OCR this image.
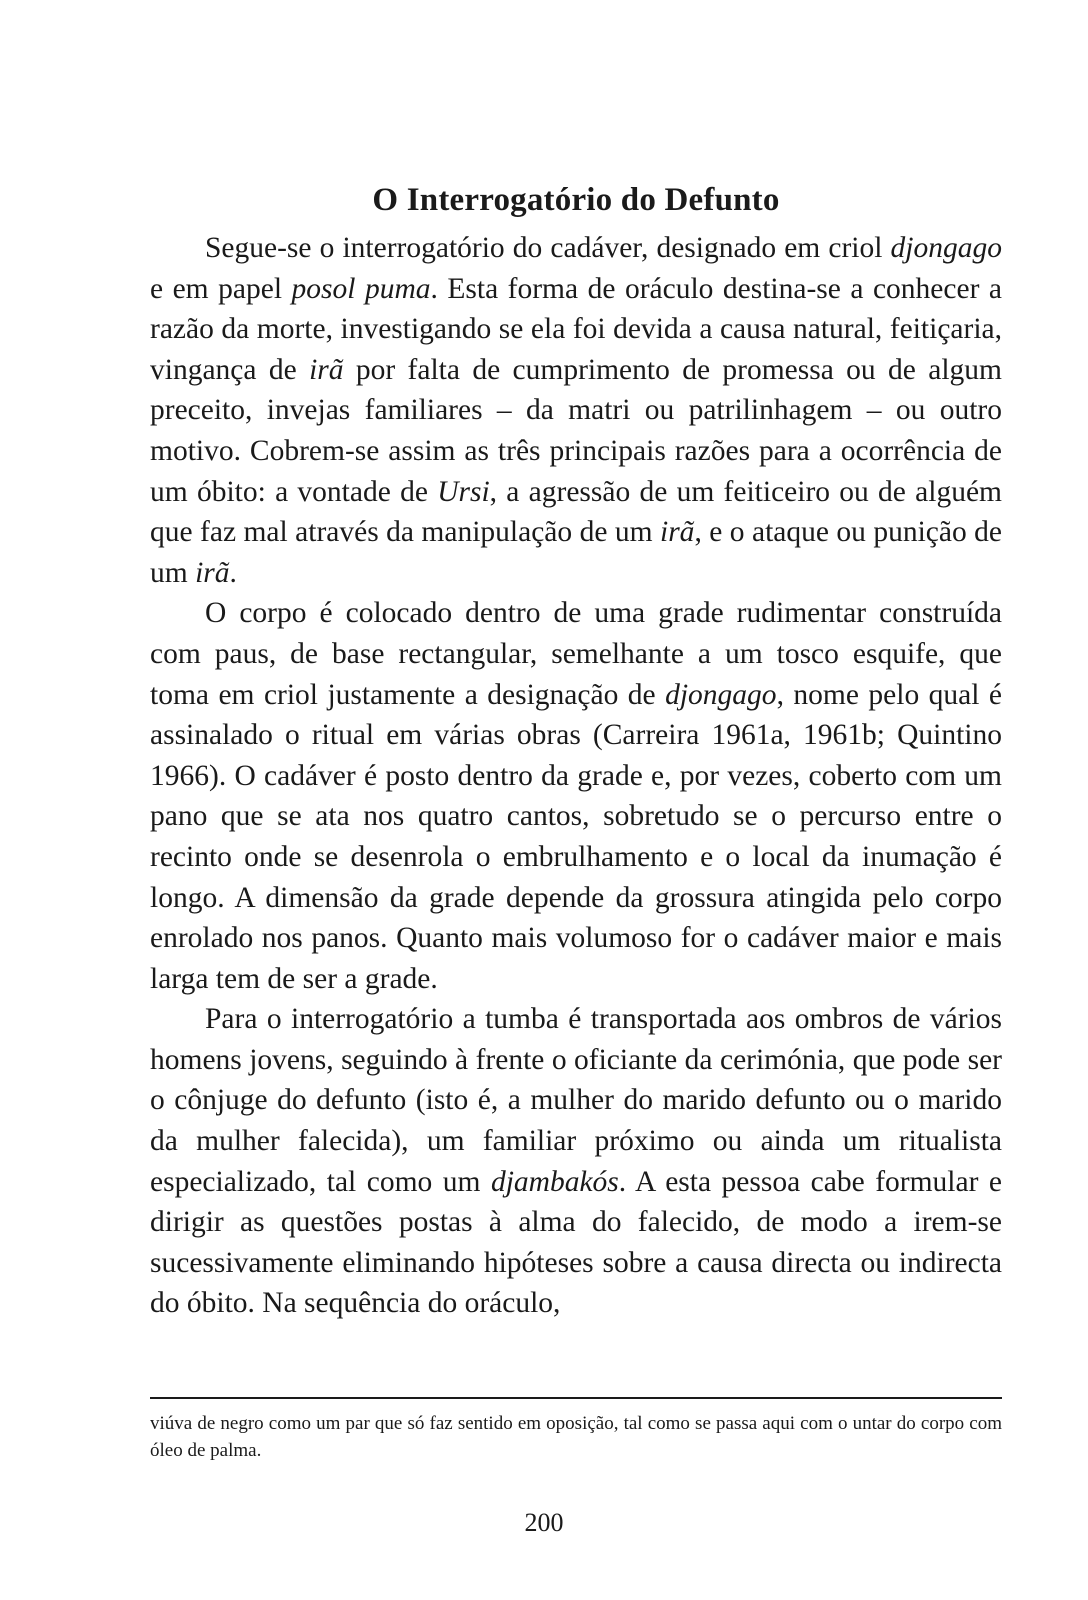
O Interrogatório do Defunto

Segue-se o interrogatório do cadáver, designado em criol djongago e em papel posol puma. Esta forma de oráculo destina-se a conhecer a razão da morte, investigando se ela foi devida a causa natural, feitiçaria, vingança de irã por falta de cumprimento de promessa ou de algum preceito, invejas familiares – da matri ou patrilinhagem – ou outro motivo. Cobrem-se assim as três principais razões para a ocorrência de um óbito: a vontade de Ursi, a agressão de um feiticeiro ou de alguém que faz mal através da manipulação de um irã, e o ataque ou punição de um irã.

O corpo é colocado dentro de uma grade rudimentar construída com paus, de base rectangular, semelhante a um tosco esquife, que toma em criol justamente a designação de djongago, nome pelo qual é assinalado o ritual em várias obras (Carreira 1961a, 1961b; Quintino 1966). O cadáver é posto dentro da grade e, por vezes, coberto com um pano que se ata nos quatro cantos, sobretudo se o percurso entre o recinto onde se desenrola o embrulhamento e o local da inumação é longo. A dimensão da grade depende da grossura atingida pelo corpo enrolado nos panos. Quanto mais volumoso for o cadáver maior e mais larga tem de ser a grade.

Para o interrogatório a tumba é transportada aos ombros de vários homens jovens, seguindo à frente o oficiante da cerimónia, que pode ser o cônjuge do defunto (isto é, a mulher do marido defunto ou o marido da mulher falecida), um familiar próximo ou ainda um ritualista especializado, tal como um djambakós. A esta pessoa cabe formular e dirigir as questões postas à alma do falecido, de modo a irem-se sucessivamente eliminando hipóteses sobre a causa directa ou indirecta do óbito. Na sequência do oráculo,

viúva de negro como um par que só faz sentido em oposição, tal como se passa aqui com o untar do corpo com óleo de palma.
200
